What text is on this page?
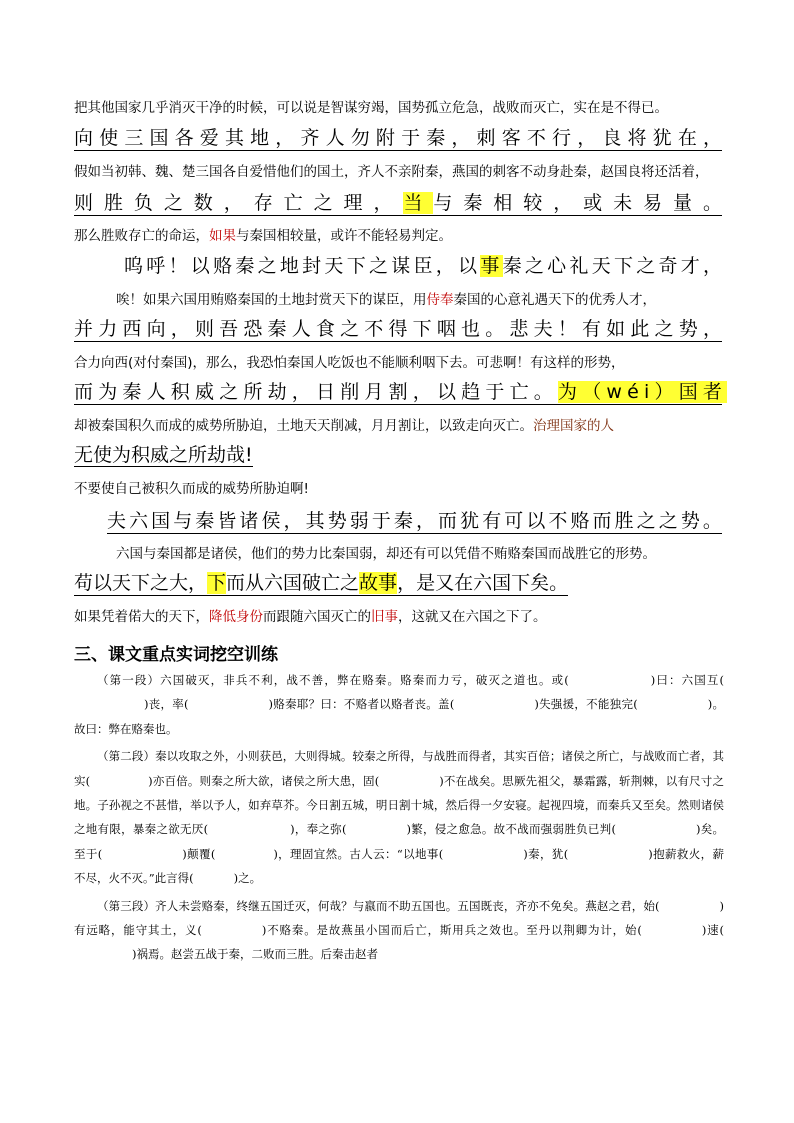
把其他国家几乎消灭干净的时候，可以说是智谋穷竭，国势孤立危急，战败而灭亡，实在是不得已。
向使三国各爱其地，齐人勿附于秦，刺客不行，良将犹在，
假如当初韩、魏、楚三国各自爱惜他们的国土，齐人不亲附秦，燕国的刺客不动身赴秦，赵国良将还活着，
则胜负之数，存亡之理，当与秦相较，或未易量。
那么胜败存亡的命运，如果与秦国相较量，或许不能轻易判定。
呜呼！以赂秦之地封天下之谋臣，以事秦之心礼天下之奇才，
唉！如果六国用贿赂秦国的土地封赏天下的谋臣，用侍奉秦国的心意礼遇天下的优秀人才，
并力西向，则吾恐秦人食之不得下咽也。悲夫！有如此之势，
合力向西(对付秦国)，那么，我恐怕秦国人吃饭也不能顺利咽下去。可悲啊！有这样的形势，
而为秦人积威之所劫，日削月割，以趋于亡。为（wéi）国者
却被秦国积久而成的威势所胁迫，土地天天削减，月月割让，以致走向灭亡。治理国家的人
无使为积威之所劫哉!
不要使自己被积久而成的威势所胁迫啊!
夫六国与秦皆诸侯，其势弱于秦，而犹有可以不赂而胜之之势。
六国与秦国都是诸侯，他们的势力比秦国弱，却还有可以凭借不贿赂秦国而战胜它的形势。
苟以天下之大，下而从六国破亡之故事，是又在六国下矣。
如果凭着偌大的天下，降低身份而跟随六国灭亡的旧事，这就又在六国之下了。
三、课文重点实词挖空训练

（第一段）六国破灭，非兵不利，战不善，弊在赂秦。赂秦而力亏，破灭之道也。或(	)曰：六国互()丧，率(	)赂秦耶？曰：不赂者以赂者丧。盖(	)失强援，不能独完(	)。故曰：弊在赂秦也。

（第二段）秦以攻取之外，小则获邑，大则得城。较秦之所得，与战胜而得者，其实百倍；诸侯之所亡，与战败而亡者，其实(	)亦百倍。则秦之所大欲，诸侯之所大患，固(	)不在战矣。思厥先祖父，暴霜露，斩荆棘，以有尺寸之地。子孙视之不甚惜，举以予人，如弃草芥。今日割五城，明日割十城，然后得一夕安寝。起视四境，而秦兵又至矣。然则诸侯之地有限，暴秦之欲无厌(	)，奉之弥(	)繁，侵之愈急。故不战而强弱胜负已判(	)矣。至于(	)颠覆(	)，理固宜然。古人云：“以地事(	)秦，犹(	)抱薪救火，薪不尽，火不灭。”此言得(	)之。

（第三段）齐人未尝赂秦，终继五国迁灭，何哉？与嬴而不助五国也。五国既丧，齐亦不免矣。燕赵之君，始(	)有远略，能守其土，义(	)不赂秦。是故燕虽小国而后亡，斯用兵之效也。至丹以荆卿为计，始(	)速()祸焉。赵尝五战于秦，二败而三胜。后秦击赵者
